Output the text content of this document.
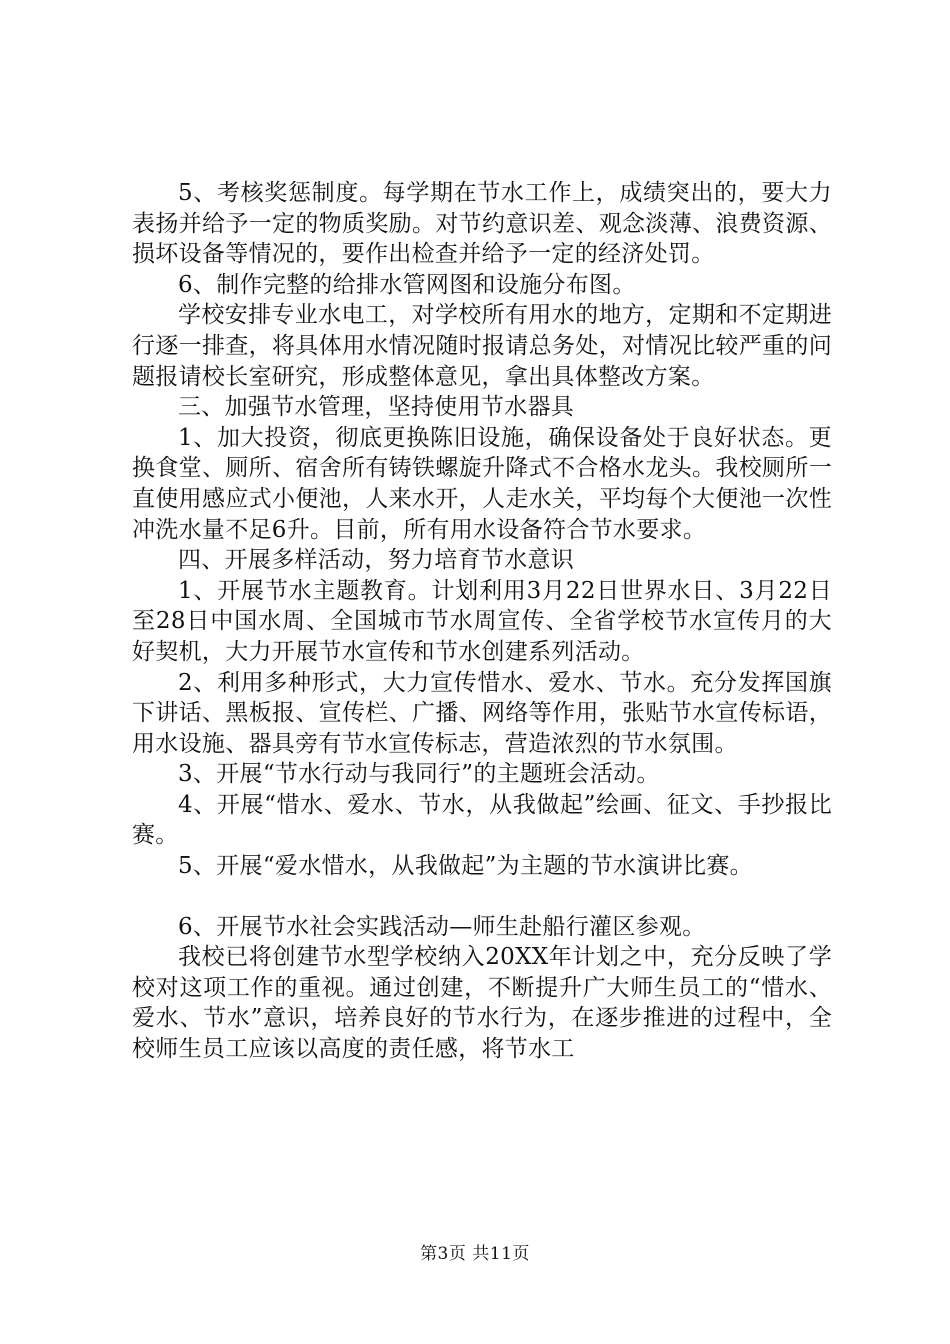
5、考核奖惩制度。每学期在节水工作上，成绩突出的，要大力表扬并给予一定的物质奖励。对节约意识差、观念淡薄、浪费资源、损坏设备等情况的，要作出检查并给予一定的经济处罚。

6、制作完整的给排水管网图和设施分布图。

学校安排专业水电工，对学校所有用水的地方，定期和不定期进行逐一排查，将具体用水情况随时报请总务处，对情况比较严重的问题报请校长室研究，形成整体意见，拿出具体整改方案。

三、加强节水管理，坚持使用节水器具

1、加大投资，彻底更换陈旧设施，确保设备处于良好状态。更换食堂、厕所、宿舍所有铸铁螺旋升降式不合格水龙头。我校厕所一直使用感应式小便池，人来水开，人走水关，平均每个大便池一次性冲洗水量不足6升。目前，所有用水设备符合节水要求。

四、开展多样活动，努力培育节水意识

1、开展节水主题教育。计划利用3月22日世界水日、3月22日至28日中国水周、全国城市节水周宣传、全省学校节水宣传月的大好契机，大力开展节水宣传和节水创建系列活动。

2、利用多种形式，大力宣传惜水、爱水、节水。充分发挥国旗下讲话、黑板报、宣传栏、广播、网络等作用，张贴节水宣传标语，用水设施、器具旁有节水宣传标志，营造浓烈的节水氛围。

3、开展“节水行动与我同行”的主题班会活动。

4、开展“惜水、爱水、节水，从我做起”绘画、征文、手抄报比赛。

5、开展“爱水惜水，从我做起”为主题的节水演讲比赛。

6、开展节水社会实践活动—师生赴船行灌区参观。

我校已将创建节水型学校纳入20XX年计划之中，充分反映了学校对这项工作的重视。通过创建，不断提升广大师生员工的“惜水、爱水、节水”意识，培养良好的节水行为，在逐步推进的过程中，全校师生员工应该以高度的责任感，将节水工

第3页 共11页
